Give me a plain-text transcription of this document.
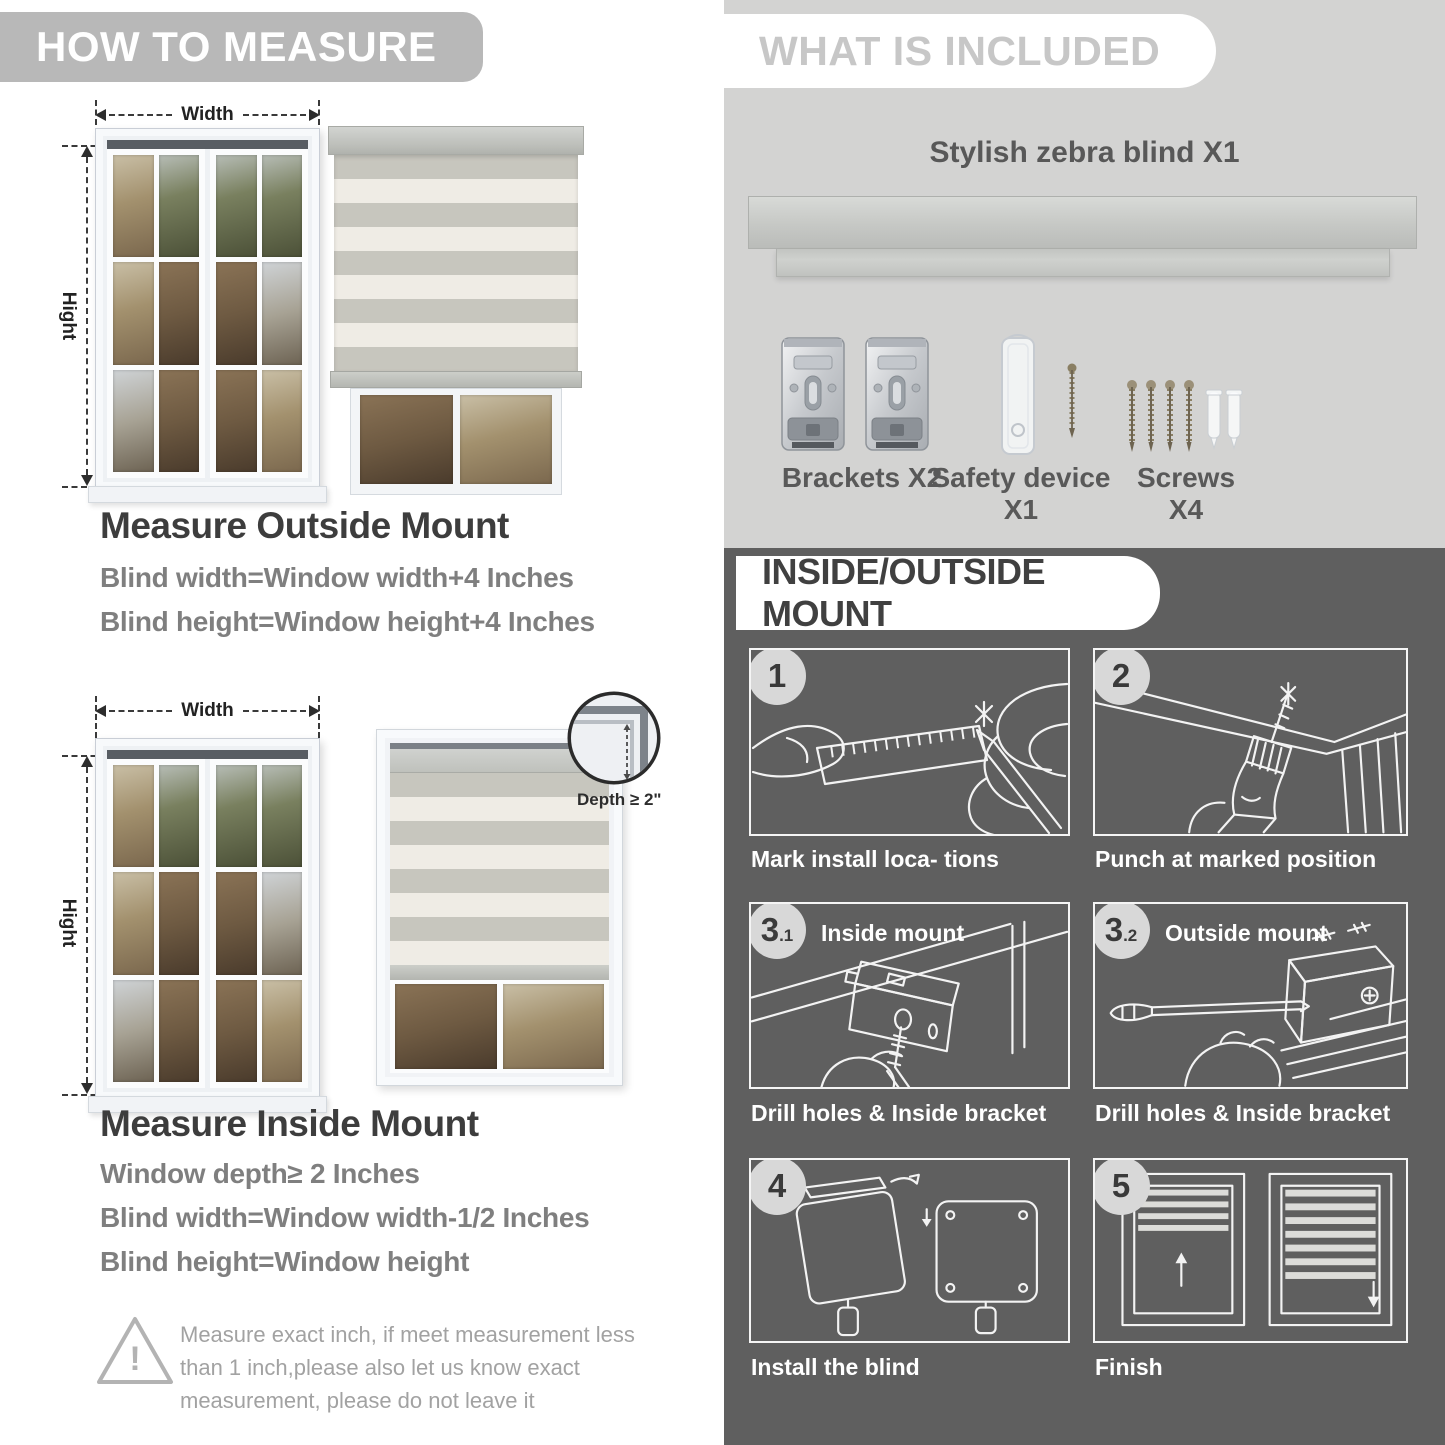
HOW TO MEASURE
Width
Hight
Measure Outside Mount
Blind width=Window width+4 Inches
Blind height=Window height+4 Inches
Width
Hight
Depth ≥ 2"
Measure Inside Mount
Window depth≥ 2 Inches
Blind width=Window width-1/2 Inches
Blind height=Window height
!
Measure exact inch, if meet measurement less than 1 inch,please also let us know exact measurement, please do not leave it
WHAT IS INCLUDED
Stylish zebra blind X1
Brackets X2
Safety device X1
Screws X4
INSIDE/OUTSIDE MOUNT
1
Mark install loca- tions
2
Punch at marked position
3 .1 Inside mount
Drill holes & Inside bracket
3 .2 Outside mount
Drill holes & Inside bracket
4
Install the blind
5
Finish
